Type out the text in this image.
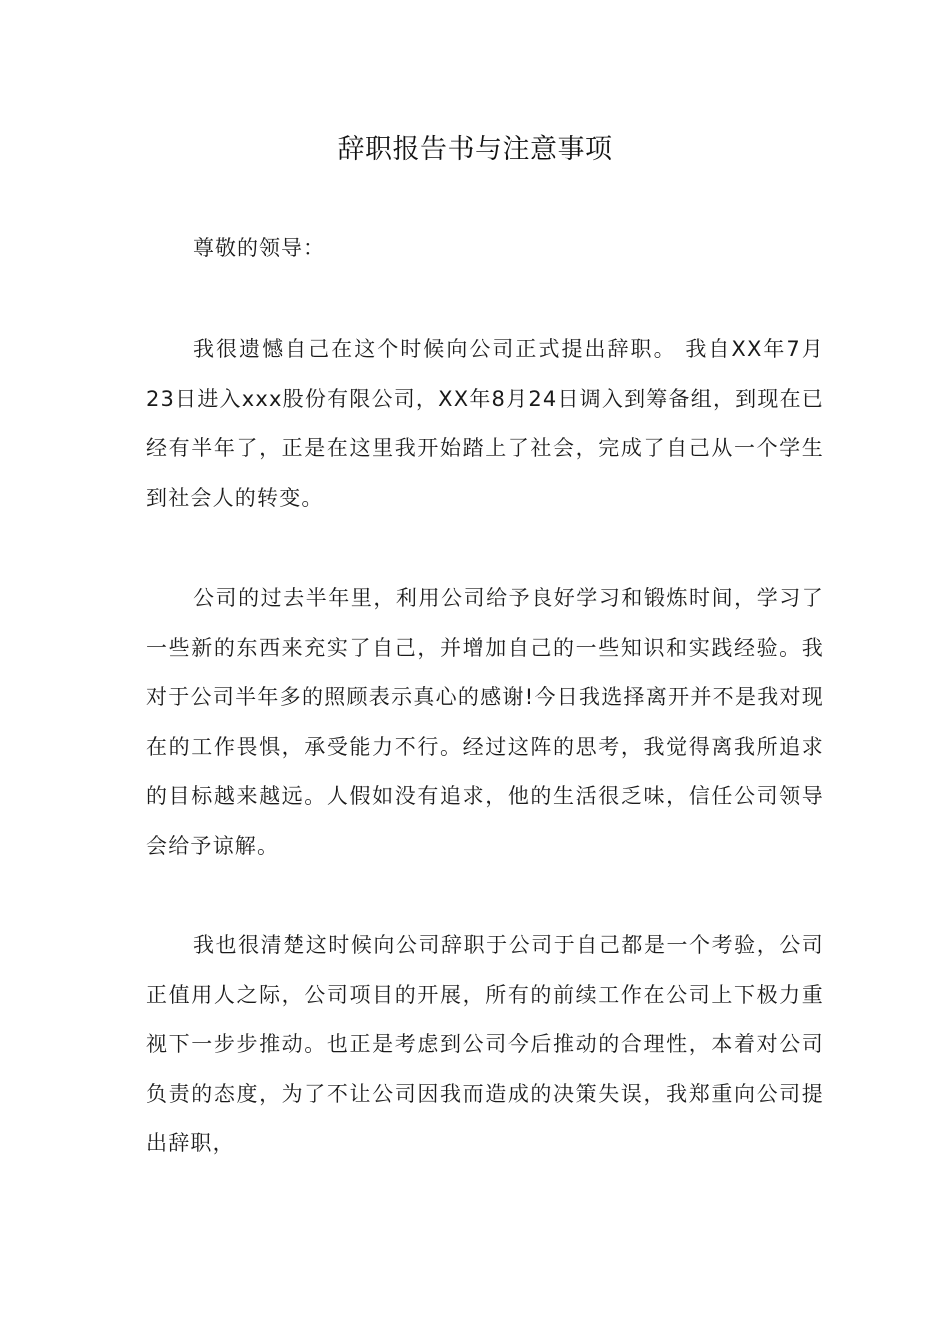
辞职报告书与注意事项
尊敬的领导：

我很遗憾自己在这个时候向公司正式提出辞职。 我自XX年7月23日进入xxx股份有限公司，XX年8月24日调入到筹备组，到现在已经有半年了，正是在这里我开始踏上了社会，完成了自己从一个学生到社会人的转变。

公司的过去半年里，利用公司给予良好学习和锻炼时间，学习了一些新的东西来充实了自己，并增加自己的一些知识和实践经验。我对于公司半年多的照顾表示真心的感谢!今日我选择离开并不是我对现在的工作畏惧，承受能力不行。经过这阵的思考，我觉得离我所追求的目标越来越远。人假如没有追求，他的生活很乏味，信任公司领导会给予谅解。

我也很清楚这时候向公司辞职于公司于自己都是一个考验，公司正值用人之际，公司项目的开展，所有的前续工作在公司上下极力重视下一步步推动。也正是考虑到公司今后推动的合理性，本着对公司负责的态度，为了不让公司因我而造成的决策失误，我郑重向公司提出辞职，
